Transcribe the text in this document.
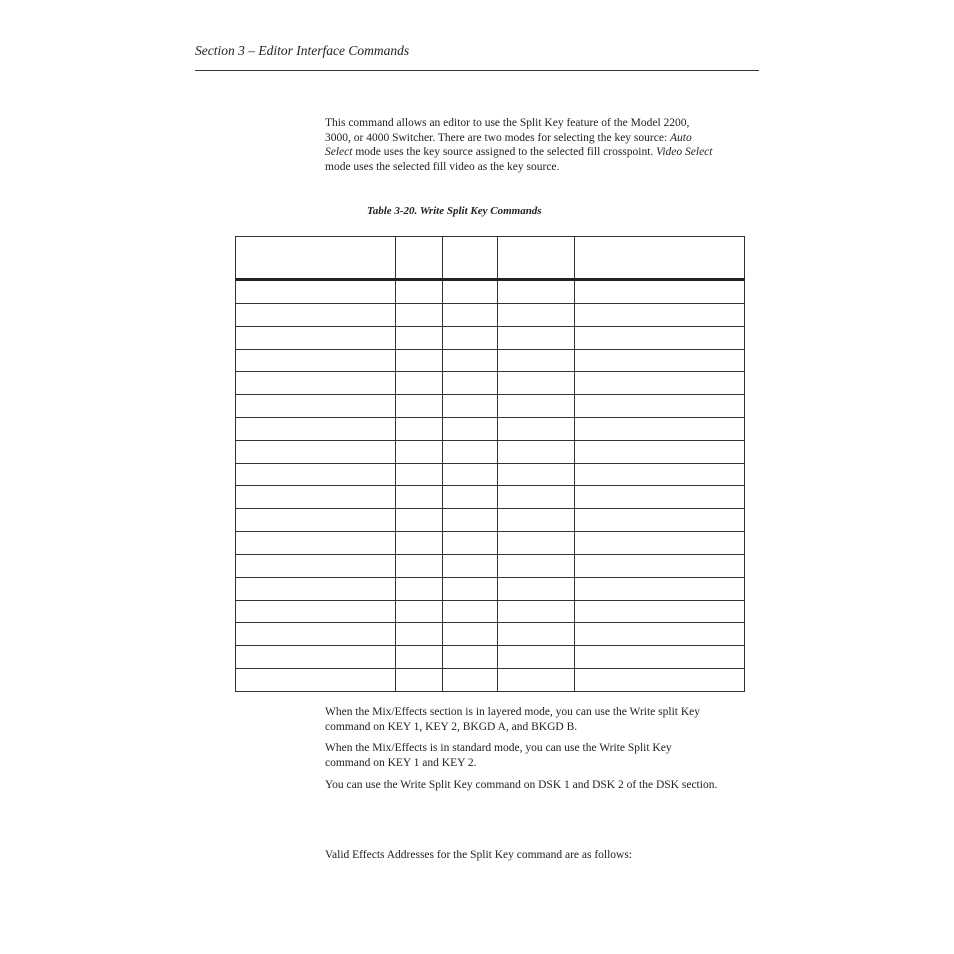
Section 3 – Editor Interface Commands

This command allows an editor to use the Split Key feature of the Model 2200,
3000, or 4000 Switcher. There are two modes for selecting the key source: Auto
Select mode uses the key source assigned to the selected fill crosspoint. Video Select
mode uses the selected fill video as the key source.

Table 3-20. Write Split Key Commands

When the Mix/Effects section is in layered mode, you can use the Write split Key
command on KEY 1, KEY 2, BKGD A, and BKGD B.

When the Mix/Effects is in standard mode, you can use the Write Split Key
command on KEY 1 and KEY 2.

You can use the Write Split Key command on DSK 1 and DSK 2 of the DSK section.

Valid Effects Addresses for the Split Key command are as follows:
